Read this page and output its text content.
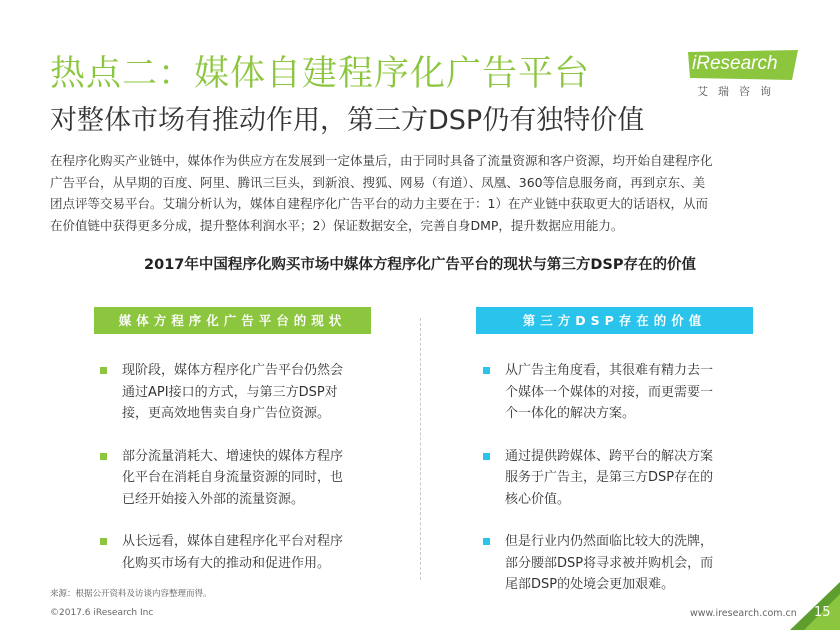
热点二：媒体自建程序化广告平台
对整体市场有推动作用，第三方DSP仍有独特价值
iResearch
艾瑞咨询
在程序化购买产业链中，媒体作为供应方在发展到一定体量后，由于同时具备了流量资源和客户资源，均开始自建程序化
广告平台，从早期的百度、阿里、腾讯三巨头，到新浪、搜狐、网易（有道）、凤凰、360等信息服务商，再到京东、美
团点评等交易平台。艾瑞分析认为，媒体自建程序化广告平台的动力主要在于：1）在产业链中获取更大的话语权，从而
在价值链中获得更多分成，提升整体利润水平；2）保证数据安全，完善自身DMP，提升数据应用能力。
2017年中国程序化购买市场中媒体方程序化广告平台的现状与第三方DSP存在的价值
媒体方程序化广告平台的现状	第三方DSP存在的价值
现阶段，媒体方程序化广告平台仍然会
通过API接口的方式，与第三方DSP对
接，更高效地售卖自身广告位资源。
部分流量消耗大、增速快的媒体方程序
化平台在消耗自身流量资源的同时，也
已经开始接入外部的流量资源。
从长远看，媒体自建程序化平台对程序
化购买市场有大的推动和促进作用。
从广告主角度看，其很难有精力去一
个媒体一个媒体的对接，而更需要一
个一体化的解决方案。
通过提供跨媒体、跨平台的解决方案
服务于广告主，是第三方DSP存在的
核心价值。
但是行业内仍然面临比较大的洗牌，
部分腰部DSP将寻求被并购机会，而
尾部DSP的处境会更加艰难。
来源：根据公开资料及访谈内容整理而得。
©2017.6 iResearch Inc	www.iresearch.com.cn 15
